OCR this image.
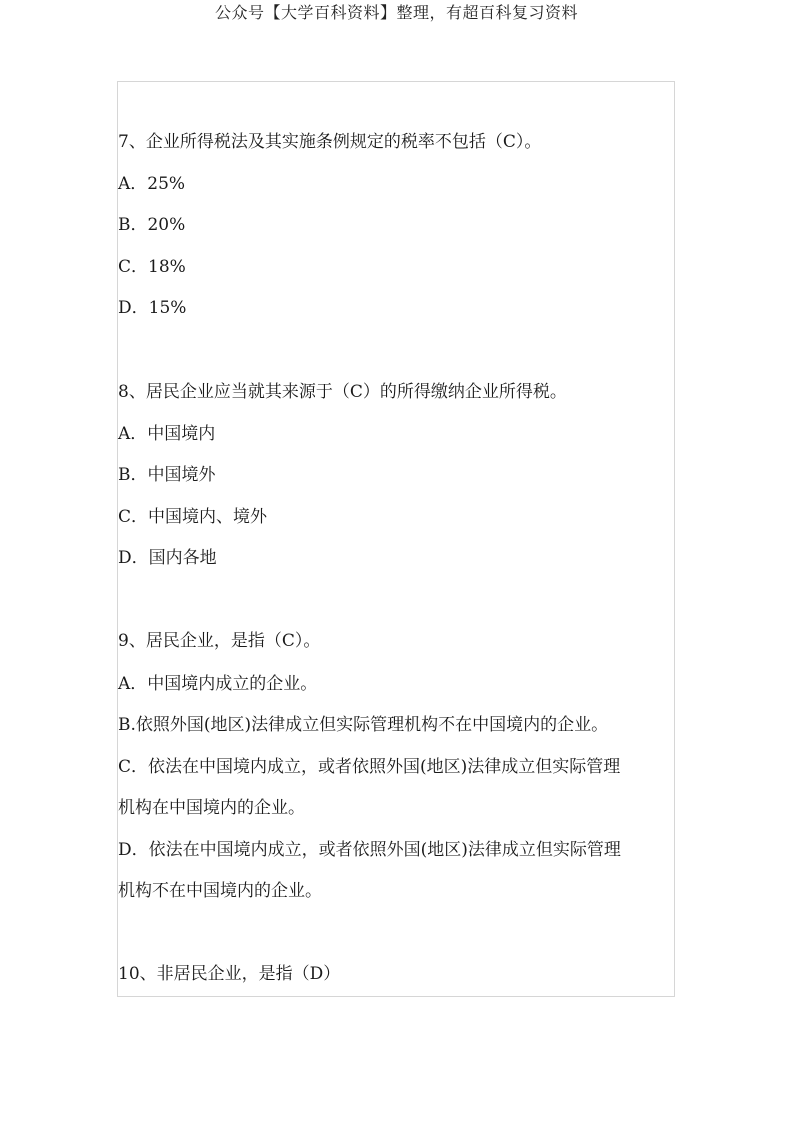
公众号【大学百科资料】整理，有超百科复习资料
7、企业所得税法及其实施条例规定的税率不包括（C）。
A．25%
B．20%
C．18%
D．15%
8、居民企业应当就其来源于（C）的所得缴纳企业所得税。
A．中国境内
B．中国境外
C．中国境内、境外
D．国内各地
9、居民企业，是指（C）。
A．中国境内成立的企业。
B.依照外国(地区)法律成立但实际管理机构不在中国境内的企业。
C．依法在中国境内成立，或者依照外国(地区)法律成立但实际管理
机构在中国境内的企业。
D．依法在中国境内成立，或者依照外国(地区)法律成立但实际管理
机构不在中国境内的企业。
10、非居民企业，是指（D）
